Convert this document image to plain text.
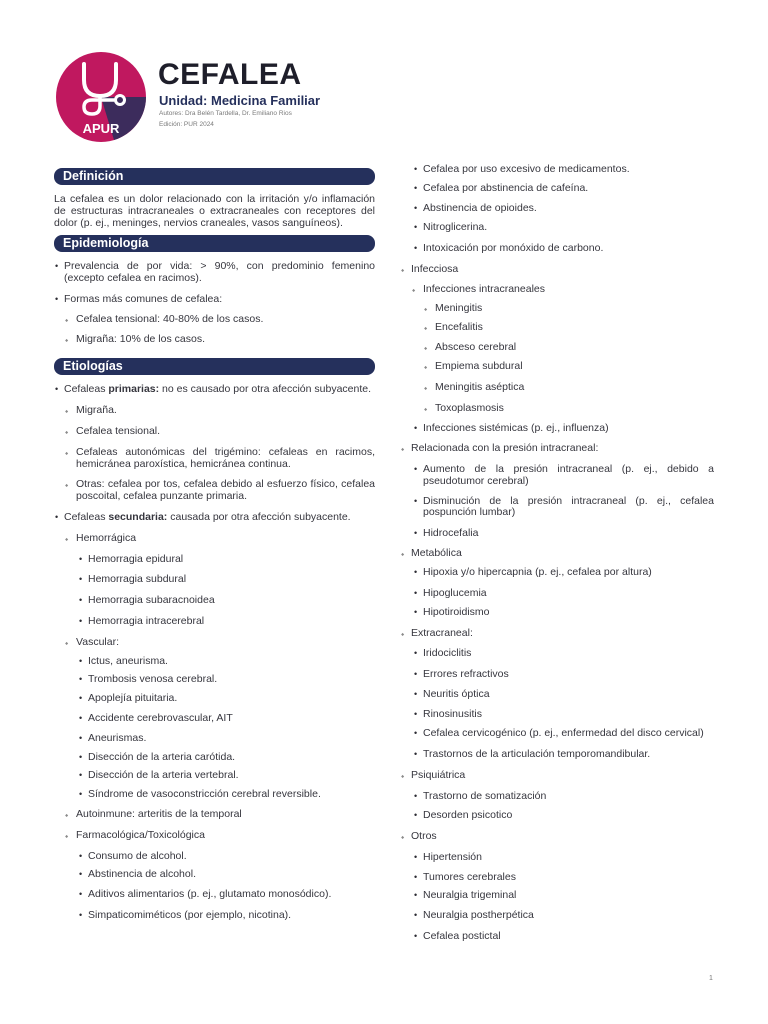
APUR
CEFALEA
Unidad: Medicina Familiar
Autores: Dra Belén Tardella, Dr. Emiliano Rios
Edición: PUR 2024
Definición

La cefalea es un dolor relacionado con la irritación y/o inflamación de estructuras intracraneales o extracraneales con receptores del dolor (p. ej., meninges, nervios craneales, vasos sanguíneos).

Epidemiología
• Prevalencia de por vida: > 90%, con predominio femenino (excepto cefalea en racimos).
• Formas más comunes de cefalea:
⬩ Cefalea tensional: 40-80% de los casos.
⬩ Migraña: 10% de los casos.
Etiologías
• Cefaleas primarias: no es causado por otra afección subyacente.
⬩ Migraña.
⬩ Cefalea tensional.
⬩ Cefaleas autonómicas del trigémino: cefaleas en racimos, hemicránea paroxística, hemicránea continua.
⬩ Otras: cefalea por tos, cefalea debido al esfuerzo físico, cefalea poscoital, cefalea punzante primaria.
• Cefaleas secundaria: causada por otra afección subyacente.
⬩ Hemorrágica
• Hemorragia epidural
• Hemorragia subdural
• Hemorragia subaracnoidea
• Hemorragia intracerebral
⬩ Vascular:
• Ictus, aneurisma.
• Trombosis venosa cerebral.
• Apoplejía pituitaria.
• Accidente cerebrovascular, AIT
• Aneurismas.
• Disección de la arteria carótida.
• Disección de la arteria vertebral.
• Síndrome de vasoconstricción cerebral reversible.
⬩ Autoinmune: arteritis de la temporal
⬩ Farmacológica/Toxicológica
• Consumo de alcohol.
• Abstinencia de alcohol.
• Aditivos alimentarios (p. ej., glutamato monosódico).
• Simpaticomiméticos (por ejemplo, nicotina).
• Cefalea por uso excesivo de medicamentos.
• Cefalea por abstinencia de cafeína.
• Abstinencia de opioides.
• Nitroglicerina.
• Intoxicación por monóxido de carbono.
⬩ Infecciosa
⬩ Infecciones intracraneales
⬩ Meningitis
⬩ Encefalitis
⬩ Absceso cerebral
⬩ Empiema subdural
⬩ Meningitis aséptica
⬩ Toxoplasmosis
• Infecciones sistémicas (p. ej., influenza)
⬩ Relacionada con la presión intracraneal:
• Aumento de la presión intracraneal (p. ej., debido a pseudotumor cerebral)
• Disminución de la presión intracraneal (p. ej., cefalea pospunción lumbar)
• Hidrocefalia
⬩ Metabólica
• Hipoxia y/o hipercapnia (p. ej., cefalea por altura)
• Hipoglucemia
• Hipotiroidismo
⬩ Extracraneal:
• Iridociclitis
• Errores refractivos
• Neuritis óptica
• Rinosinusitis
• Cefalea cervicogénico (p. ej., enfermedad del disco cervical)
• Trastornos de la articulación temporomandibular.
⬩ Psiquiátrica
• Trastorno de somatización
• Desorden psicotico
⬩ Otros
• Hipertensión
• Tumores cerebrales
• Neuralgia trigeminal
• Neuralgia postherpética
• Cefalea postictal
1
